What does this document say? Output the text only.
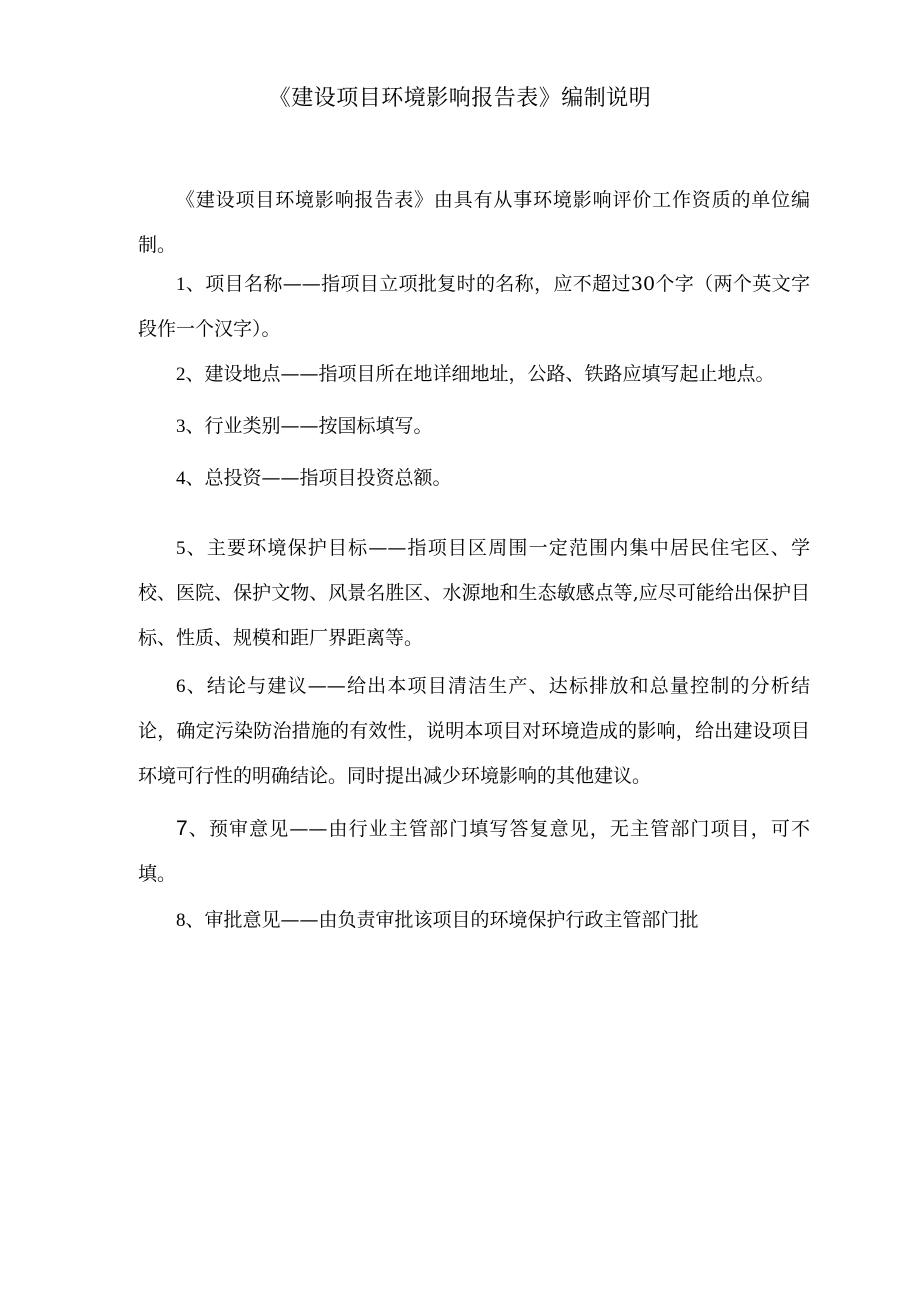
《建设项目环境影响报告表》编制说明

《建设项目环境影响报告表》由具有从事环境影响评价工作资质的单位编制。

1、项目名称——指项目立项批复时的名称，应不超过30个字（两个英文字段作一个汉字）。

2、建设地点——指项目所在地详细地址，公路、铁路应填写起止地点。

3、行业类别——按国标填写。

4、总投资——指项目投资总额。

5、主要环境保护目标——指项目区周围一定范围内集中居民住宅区、学校、医院、保护文物、风景名胜区、水源地和生态敏感点等,应尽可能给出保护目标、性质、规模和距厂界距离等。

6、结论与建议——给出本项目清洁生产、达标排放和总量控制的分析结论，确定污染防治措施的有效性，说明本项目对环境造成的影响，给出建设项目环境可行性的明确结论。同时提出减少环境影响的其他建议。

7、预审意见——由行业主管部门填写答复意见，无主管部门项目，可不填。

8、审批意见——由负责审批该项目的环境保护行政主管部门批
